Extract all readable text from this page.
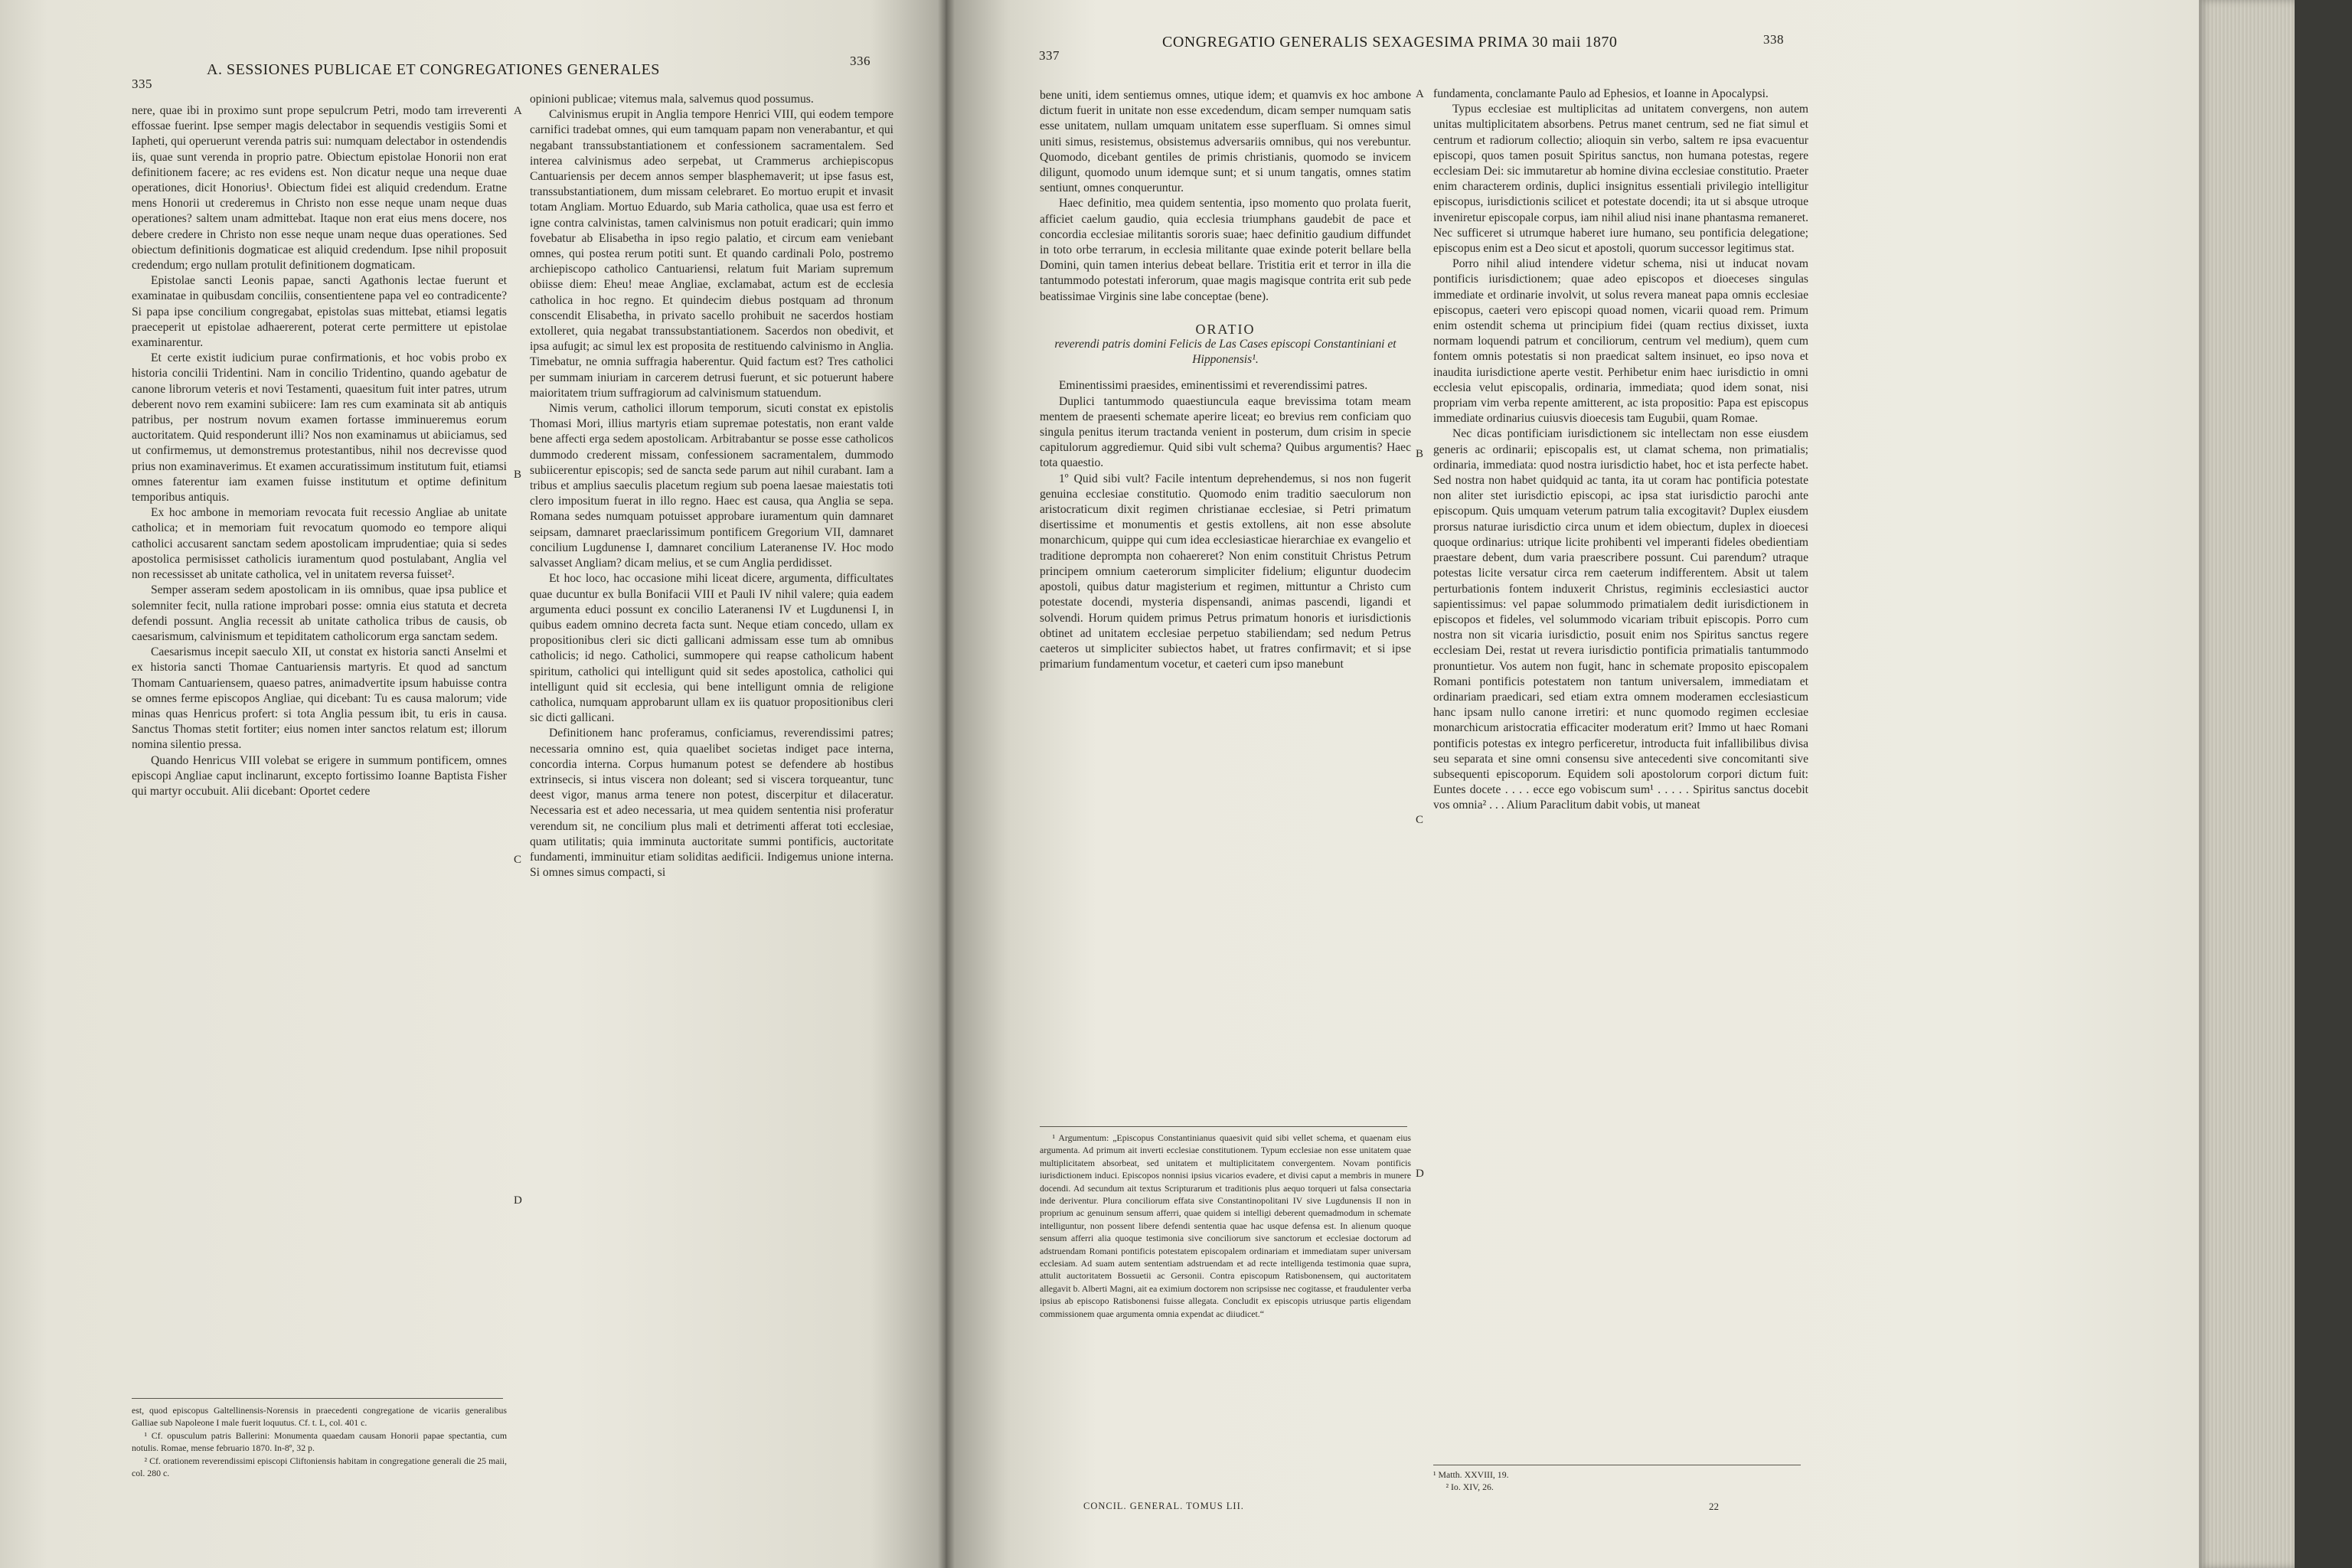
335
A. SESSIONES PUBLICAE ET CONGREGATIONES GENERALES
336

nere, quae ibi in proximo sunt prope sepulcrum Petri, modo tam irreverenti effossae fuerint. Ipse semper magis delectabor in sequendis vestigiis Somi et Iapheti, qui operuerunt verenda patris sui: numquam delectabor in ostendendis iis, quae sunt verenda in proprio patre. Obiectum epistolae Honorii non erat definitionem facere; ac res evidens est. Non dicatur neque una neque duae operationes, dicit Honorius¹. Obiectum fidei est aliquid credendum. Eratne mens Honorii ut crederemus in Christo non esse neque unam neque duas operationes? saltem unam admittebat. Itaque non erat eius mens docere, nos debere credere in Christo non esse neque unam neque duas operationes. Sed obiectum definitionis dogmaticae est aliquid credendum. Ipse nihil proposuit credendum; ergo nullam protulit definitionem dogmaticam.

Epistolae sancti Leonis papae, sancti Agathonis lectae fuerunt et examinatae in quibusdam conciliis, consentientene papa vel eo contradicente? Si papa ipse concilium congregabat, epistolas suas mittebat, etiamsi legatis praeceperit ut epistolae adhaererent, poterat certe permittere ut epistolae examinarentur.

Et certe existit iudicium purae confirmationis, et hoc vobis probo ex historia concilii Tridentini. Nam in concilio Tridentino, quando agebatur de canone librorum veteris et novi Testamenti, quaesitum fuit inter patres, utrum deberent novo rem examini subiicere: Iam res cum examinata sit ab antiquis patribus, per nostrum novum examen fortasse imminueremus eorum auctoritatem. Quid responderunt illi? Nos non examinamus ut abiiciamus, sed ut confirmemus, ut demonstremus protestantibus, nihil nos decrevisse quod prius non examinaverimus. Et examen accuratissimum institutum fuit, etiamsi omnes faterentur iam examen fuisse institutum et optime definitum temporibus antiquis.

Ex hoc ambone in memoriam revocata fuit recessio Angliae ab unitate catholica; et in memoriam fuit revocatum quomodo eo tempore aliqui catholici accusarent sanctam sedem apostolicam imprudentiae; quia si sedes apostolica permisisset catholicis iuramentum quod postulabant, Anglia vel non recessisset ab unitate catholica, vel in unitatem reversa fuisset².

Semper asseram sedem apostolicam in iis omnibus, quae ipsa publice et solemniter fecit, nulla ratione improbari posse: omnia eius statuta et decreta defendi possunt. Anglia recessit ab unitate catholica tribus de causis, ob caesarismum, calvinismum et tepiditatem catholicorum erga sanctam sedem.

Caesarismus incepit saeculo XII, ut constat ex historia sancti Anselmi et ex historia sancti Thomae Cantuariensis martyris. Et quod ad sanctum Thomam Cantuariensem, quaeso patres, animadvertite ipsum habuisse contra se omnes ferme episcopos Angliae, qui dicebant: Tu es causa malorum; vide minas quas Henricus profert: si tota Anglia pessum ibit, tu eris in causa. Sanctus Thomas stetit fortiter; eius nomen inter sanctos relatum est; illorum nomina silentio pressa.

Quando Henricus VIII volebat se erigere in summum pontificem, omnes episcopi Angliae caput inclinarunt, excepto fortissimo Ioanne Baptista Fisher qui martyr occubuit. Alii dicebant: Oportet cedere

opinioni publicae; vitemus mala, salvemus quod possumus.

Calvinismus erupit in Anglia tempore Henrici VIII, qui eodem tempore carnifici tradebat omnes, qui eum tamquam papam non venerabantur, et qui negabant transsubstantiationem et confessionem sacramentalem. Sed interea calvinismus adeo serpebat, ut Crammerus archiepiscopus Cantuariensis per decem annos semper blasphemaverit; ut ipse fasus est, transsubstantiationem, dum missam celebraret. Eo mortuo erupit et invasit totam Angliam. Mortuo Eduardo, sub Maria catholica, quae usa est ferro et igne contra calvinistas, tamen calvinismus non potuit eradicari; quin immo fovebatur ab Elisabetha in ipso regio palatio, et circum eam veniebant omnes, qui postea rerum potiti sunt. Et quando cardinali Polo, postremo archiepiscopo catholico Cantuariensi, relatum fuit Mariam supremum obiisse diem: Eheu! meae Angliae, exclamabat, actum est de ecclesia catholica in hoc regno. Et quindecim diebus postquam ad thronum conscendit Elisabetha, in privato sacello prohibuit ne sacerdos hostiam extolleret, quia negabat transsubstantiationem. Sacerdos non obedivit, et ipsa aufugit; ac simul lex est proposita de restituendo calvinismo in Anglia. Timebatur, ne omnia suffragia haberentur. Quid factum est? Tres catholici per summam iniuriam in carcerem detrusi fuerunt, et sic potuerunt habere maioritatem trium suffragiorum ad calvinismum statuendum.

Nimis verum, catholici illorum temporum, sicuti constat ex epistolis Thomasi Mori, illius martyris etiam supremae potestatis, non erant valde bene affecti erga sedem apostolicam. Arbitrabantur se posse esse catholicos dummodo crederent missam, confessionem sacramentalem, dummodo subiicerentur episcopis; sed de sancta sede parum aut nihil curabant. Iam a tribus et amplius saeculis placetum regium sub poena laesae maiestatis toti clero impositum fuerat in illo regno. Haec est causa, qua Anglia se sepa. Romana sedes numquam potuisset approbare iuramentum quin damnaret seipsam, damnaret praeclarissimum pontificem Gregorium VII, damnaret concilium Lugdunense I, damnaret concilium Lateranense IV. Hoc modo salvasset Angliam? dicam melius, et se cum Anglia perdidisset.

Et hoc loco, hac occasione mihi liceat dicere, argumenta, difficultates quae ducuntur ex bulla Bonifacii VIII et Pauli IV nihil valere; quia eadem argumenta educi possunt ex concilio Lateranensi IV et Lugdunensi I, in quibus eadem omnino decreta facta sunt. Neque etiam concedo, ullam ex propositionibus cleri sic dicti gallicani admissam esse tum ab omnibus catholicis; id nego. Catholici, summopere qui reapse catholicum habent spiritum, catholici qui intelligunt quid sit sedes apostolica, catholici qui intelligunt quid sit ecclesia, qui bene intelligunt omnia de religione catholica, numquam approbarunt ullam ex iis quatuor propositionibus cleri sic dicti gallicani.

Definitionem hanc proferamus, conficiamus, reverendissimi patres; necessaria omnino est, quia quaelibet societas indiget pace interna, concordia interna. Corpus humanum potest se defendere ab hostibus extrinsecis, si intus viscera non doleant; sed si viscera torqueantur, tunc deest vigor, manus arma tenere non potest, discerpitur et dilaceratur. Necessaria est et adeo necessaria, ut mea quidem sententia nisi proferatur verendum sit, ne concilium plus mali et detrimenti afferat toti ecclesiae, quam utilitatis; quia imminuta auctoritate summi pontificis, auctoritate fundamenti, imminuitur etiam soliditas aedificii. Indigemus unione interna. Si omnes simus compacti, si

A
B
C
D

est, quod episcopus Galtellinensis-Norensis in praecedenti congregatione de vicariis generalibus Galliae sub Napoleone I male fuerit loquutus. Cf. t. L, col. 401 c.

¹ Cf. opusculum patris Ballerini: Monumenta quaedam causam Honorii papae spectantia, cum notulis. Romae, mense februario 1870. In-8º, 32 p.

² Cf. orationem reverendissimi episcopi Cliftoniensis habitam in congregatione generali die 25 maii, col. 280 c.

337
CONGREGATIO GENERALIS SEXAGESIMA PRIMA 30 maii 1870	338

bene uniti, idem sentiemus omnes, utique idem; et quamvis ex hoc ambone dictum fuerit in unitate non esse excedendum, dicam semper numquam satis esse unitatem, nullam umquam unitatem esse superfluam. Si omnes simul uniti simus, resistemus, obsistemus adversariis omnibus, qui nos verebuntur. Quomodo, dicebant gentiles de primis christianis, quomodo se invicem diligunt, quomodo unum idemque sunt; et si unum tangatis, omnes statim sentiunt, omnes conqueruntur.

Haec definitio, mea quidem sententia, ipso momento quo prolata fuerit, afficiet caelum gaudio, quia ecclesia triumphans gaudebit de pace et concordia ecclesiae militantis sororis suae; haec definitio gaudium diffundet in toto orbe terrarum, in ecclesia militante quae exinde poterit bellare bella Domini, quin tamen interius debeat bellare. Tristitia erit et terror in illa die tantummodo potestati inferorum, quae magis magisque contrita erit sub pede beatissimae Virginis sine labe conceptae (bene).

ORATIO

reverendi patris domini Felicis de Las Cases episcopi Constantiniani et Hipponensis¹.

Eminentissimi praesides, eminentissimi et reverendissimi patres.

Duplici tantummodo quaestiuncula eaque brevissima totam meam mentem de praesenti schemate aperire liceat; eo brevius rem conficiam quo singula penitus iterum tractanda venient in posterum, dum crisim in specie capitulorum aggrediemur. Quid sibi vult schema? Quibus argumentis? Haec tota quaestio.

1º Quid sibi vult? Facile intentum deprehendemus, si nos non fugerit genuina ecclesiae constitutio. Quomodo enim traditio saeculorum non aristocraticum dixit regimen christianae ecclesiae, si Petri primatum disertissime et monumentis et gestis extollens, ait non esse absolute monarchicum, quippe qui cum idea ecclesiasticae hierarchiae ex evangelio et traditione deprompta non cohaereret? Non enim constituit Christus Petrum principem omnium caeterorum simpliciter fidelium; eliguntur duodecim apostoli, quibus datur magisterium et regimen, mittuntur a Christo cum potestate docendi, mysteria dispensandi, animas pascendi, ligandi et solvendi. Horum quidem primus Petrus primatum honoris et iurisdictionis obtinet ad unitatem ecclesiae perpetuo stabiliendam; sed nedum Petrus caeteros ut simpliciter subiectos habet, ut fratres confirmavit; et si ipse primarium fundamentum vocetur, et caeteri cum ipso manebunt

fundamenta, conclamante Paulo ad Ephesios, et Ioanne in Apocalypsi.

Typus ecclesiae est multiplicitas ad unitatem convergens, non autem unitas multiplicitatem absorbens. Petrus manet centrum, sed ne fiat simul et centrum et radiorum collectio; alioquin sin verbo, saltem re ipsa evacuentur episcopi, quos tamen posuit Spiritus sanctus, non humana potestas, regere ecclesiam Dei: sic immutaretur ab homine divina ecclesiae constitutio. Praeter enim characterem ordinis, duplici insignitus essentiali privilegio intelligitur episcopus, iurisdictionis scilicet et potestate docendi; ita ut si absque utroque inveniretur episcopale corpus, iam nihil aliud nisi inane phantasma remaneret. Nec sufficeret si utrumque haberet iure humano, seu pontificia delegatione; episcopus enim est a Deo sicut et apostoli, quorum successor legitimus stat.

Porro nihil aliud intendere videtur schema, nisi ut inducat novam pontificis iurisdictionem; quae adeo episcopos et dioeceses singulas immediate et ordinarie involvit, ut solus revera maneat papa omnis ecclesiae episcopus, caeteri vero episcopi quoad nomen, vicarii quoad rem. Primum enim ostendit schema ut principium fidei (quam rectius dixisset, iuxta normam loquendi patrum et conciliorum, centrum vel medium), quem cum fontem omnis potestatis si non praedicat saltem insinuet, eo ipso nova et inaudita iurisdictione aperte vestit. Perhibetur enim haec iurisdictio in omni ecclesia velut episcopalis, ordinaria, immediata; quod idem sonat, nisi propriam vim verba repente amitterent, ac ista propositio: Papa est episcopus immediate ordinarius cuiusvis dioecesis tam Eugubii, quam Romae.

Nec dicas pontificiam iurisdictionem sic intellectam non esse eiusdem generis ac ordinarii; episcopalis est, ut clamat schema, non primatialis; ordinaria, immediata: quod nostra iurisdictio habet, hoc et ista perfecte habet. Sed nostra non habet quidquid ac tanta, ita ut coram hac pontificia potestate non aliter stet iurisdictio episcopi, ac ipsa stat iurisdictio parochi ante episcopum. Quis umquam veterum patrum talia excogitavit? Duplex eiusdem prorsus naturae iurisdictio circa unum et idem obiectum, duplex in dioecesi quoque ordinarius: utrique licite prohibenti vel imperanti fideles obedientiam praestare debent, dum varia praescribere possunt. Cui parendum? utraque potestas licite versatur circa rem caeterum indifferentem. Absit ut talem perturbationis fontem induxerit Christus, regiminis ecclesiastici auctor sapientissimus: vel papae solummodo primatialem dedit iurisdictionem in episcopos et fideles, vel solummodo vicariam tribuit episcopis. Porro cum nostra non sit vicaria iurisdictio, posuit enim nos Spiritus sanctus regere ecclesiam Dei, restat ut revera iurisdictio pontificia primatialis tantummodo pronuntietur. Vos autem non fugit, hanc in schemate proposito episcopalem Romani pontificis potestatem non tantum universalem, immediatam et ordinariam praedicari, sed etiam extra omnem moderamen ecclesiasticum hanc ipsam nullo canone irretiri: et nunc quomodo regimen ecclesiae monarchicum aristocratia efficaciter moderatum erit? Immo ut haec Romani pontificis potestas ex integro perficeretur, introducta fuit infallibilibus divisa seu separata et sine omni consensu sive antecedenti sive concomitanti sive subsequenti episcoporum. Equidem soli apostolorum corpori dictum fuit: Euntes docete . . . . ecce ego vobiscum sum¹ . . . . . Spiritus sanctus docebit vos omnia² . . . Alium Paraclitum dabit vobis, ut maneat

A
B
C
D

¹ Argumentum: „Episcopus Constantinianus quaesivit quid sibi vellet schema, et quaenam eius argumenta. Ad primum ait inverti ecclesiae constitutionem. Typum ecclesiae non esse unitatem quae multiplicitatem absorbeat, sed unitatem et multiplicitatem convergentem. Novam pontificis iurisdictionem induci. Episcopos nonnisi ipsius vicarios evadere, et divisi caput a membris in munere docendi. Ad secundum ait textus Scripturarum et traditionis plus aequo torqueri ut falsa consectaria inde deriventur. Plura conciliorum effata sive Constantinopolitani IV sive Lugdunensis II non in proprium ac genuinum sensum afferri, quae quidem si intelligi deberent quemadmodum in schemate intelliguntur, non possent libere defendi sententia quae hac usque defensa est. In alienum quoque sensum afferri alia quoque testimonia sive conciliorum sive sanctorum et ecclesiae doctorum ad adstruendam Romani pontificis potestatem episcopalem ordinariam et immediatam super universam ecclesiam. Ad suam autem sententiam adstruendam et ad recte intelligenda testimonia quae supra, attulit auctoritatem Bossuetii ac Gersonii. Contra episcopum Ratisbonensem, qui auctoritatem allegavit b. Alberti Magni, ait ea eximium doctorem non scripsisse nec cogitasse, et fraudulenter verba ipsius ab episcopo Ratisbonensi fuisse allegata. Concludit ex episcopis utriusque partis eligendam commissionem quae argumenta omnia expendat ac diiudicet.“

¹ Matth. XXVIII, 19.

² Io. XIV, 26.

CONCIL. GENERAL. TOMUS LII.	22
